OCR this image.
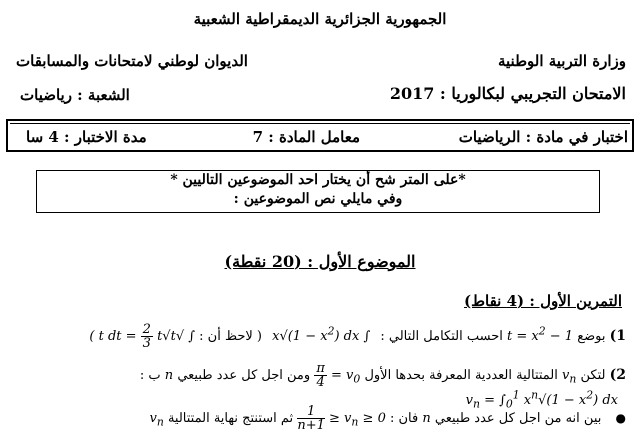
الجمهورية الجزائرية الديمقراطية الشعبية
وزارة التربية الوطنية
الديوان لوطني لامتحانات والمسابقات
الامتحان التجريبي لبكالوريا : 2017
الشعبة : رياضيات
اختبار في مادة : الرياضيات
معامل المادة : 7
مدة الاختبار : 4 سا
*على المتر شح أن يختار احد الموضوعين التاليين *
وفي مايلي نص الموضوعين :
الموضوع الأول : (20 نقطة)
التمرين الأول : (4 نقاط)
1) بوضع $t = x^2 - 1$ احسب التكامل التالي : ∫ $x√(1 - x^2)$ dx ( لاحظ أن : ∫ √t dt =
$\frac{2}{3}$
t√t )
2) لتكن $v_n$ المتتالية العددية المعرفة بحدها الأول $v_0$ =
$\frac{\pi}{4}$
ومن اجل كل عدد طبيعي n ب : $v_n = \int_0^1$ $x^n√(1 - x^2)$ dx
● بين انه من اجل كل عدد طبيعي n فان : $0 \le v_n$ ≤
$\frac{1}{n+1}$
ثم استنتج نهاية المتتالية $v_n$
